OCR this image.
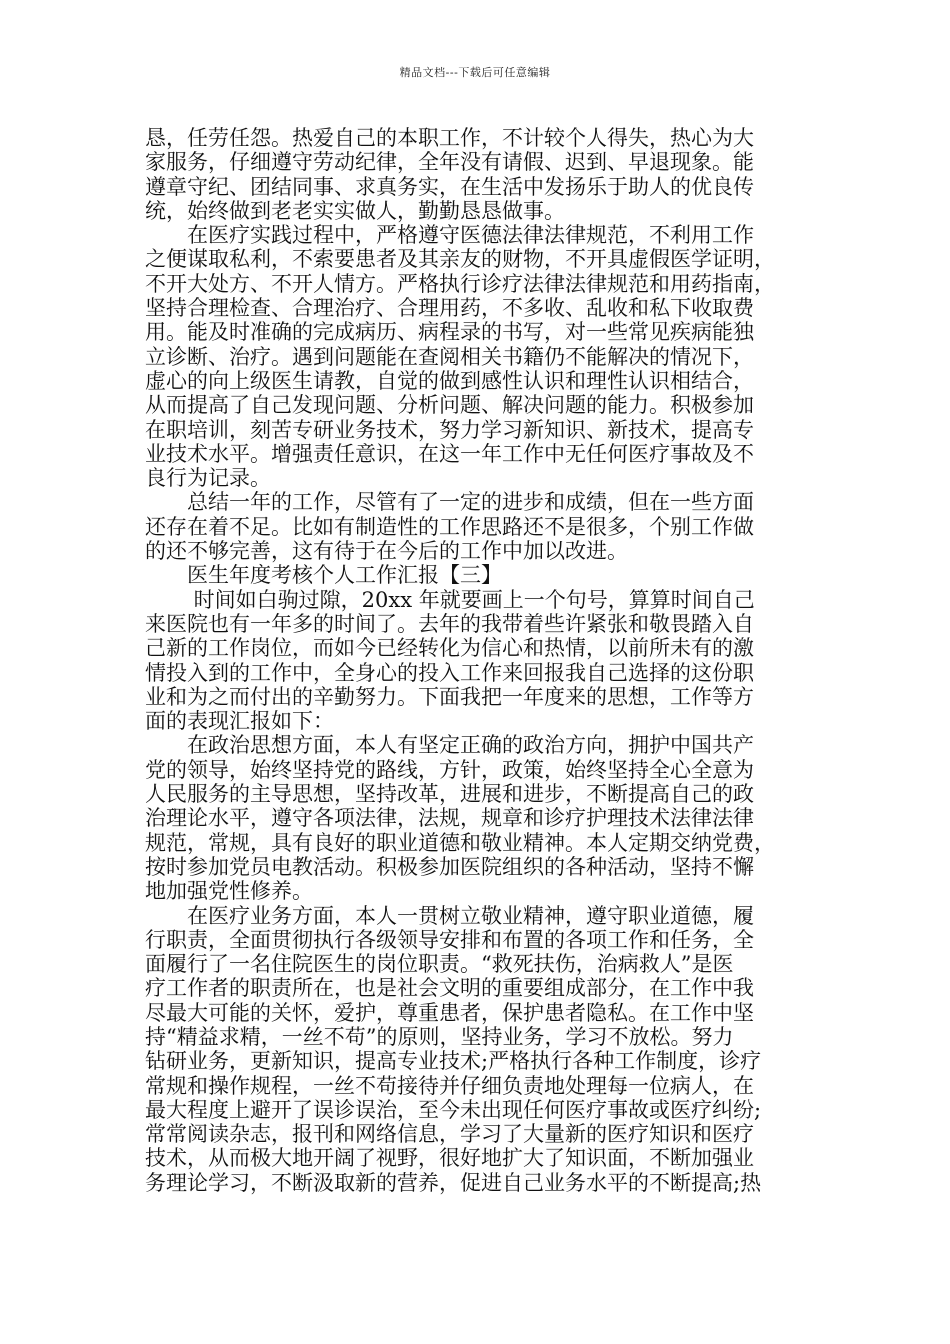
精品文档---下载后可任意编辑
恳，任劳任怨。热爱自己的本职工作，不计较个人得失，热心为大
家服务，仔细遵守劳动纪律，全年没有请假、迟到、早退现象。能
遵章守纪、团结同事、求真务实，在生活中发扬乐于助人的优良传
统，始终做到老老实实做人，勤勤恳恳做事。
　　在医疗实践过程中，严格遵守医德法律法律规范，不利用工作
之便谋取私利，不索要患者及其亲友的财物，不开具虚假医学证明，
不开大处方、不开人情方。严格执行诊疗法律法律规范和用药指南，
坚持合理检查、合理治疗、合理用药，不多收、乱收和私下收取费
用。能及时准确的完成病历、病程录的书写，对一些常见疾病能独
立诊断、治疗。遇到问题能在查阅相关书籍仍不能解决的情况下，
虚心的向上级医生请教，自觉的做到感性认识和理性认识相结合，
从而提高了自己发现问题、分析问题、解决问题的能力。积极参加
在职培训，刻苦专研业务技术，努力学习新知识、新技术，提高专
业技术水平。增强责任意识，在这一年工作中无任何医疗事故及不
良行为记录。
　　总结一年的工作，尽管有了一定的进步和成绩，但在一些方面
还存在着不足。比如有制造性的工作思路还不是很多，个别工作做
的还不够完善，这有待于在今后的工作中加以改进。
　　医生年度考核个人工作汇报【三】
　　 时间如白驹过隙，20xx 年就要画上一个句号，算算时间自己
来医院也有一年多的时间了。去年的我带着些许紧张和敬畏踏入自
己新的工作岗位，而如今已经转化为信心和热情，以前所未有的激
情投入到的工作中，全身心的投入工作来回报我自己选择的这份职
业和为之而付出的辛勤努力。下面我把一年度来的思想，工作等方
面的表现汇报如下：
　　在政治思想方面，本人有坚定正确的政治方向，拥护中国共产
党的领导，始终坚持党的路线，方针，政策，始终坚持全心全意为
人民服务的主导思想，坚持改革，进展和进步，不断提高自己的政
治理论水平，遵守各项法律，法规，规章和诊疗护理技术法律法律
规范，常规，具有良好的职业道德和敬业精神。本人定期交纳党费，
按时参加党员电教活动。积极参加医院组织的各种活动，坚持不懈
地加强党性修养。
　　在医疗业务方面，本人一贯树立敬业精神，遵守职业道德，履
行职责，全面贯彻执行各级领导安排和布置的各项工作和任务，全
面履行了一名住院医生的岗位职责。“救死扶伤，治病救人”是医
疗工作者的职责所在，也是社会文明的重要组成部分，在工作中我
尽最大可能的关怀，爱护，尊重患者，保护患者隐私。在工作中坚
持“精益求精，一丝不苟”的原则，坚持业务，学习不放松。努力
钻研业务，更新知识，提高专业技术;严格执行各种工作制度，诊疗
常规和操作规程，一丝不苟接待并仔细负责地处理每一位病人，在
最大程度上避开了误诊误治，至今未出现任何医疗事故或医疗纠纷;
常常阅读杂志，报刊和网络信息，学习了大量新的医疗知识和医疗
技术，从而极大地开阔了视野，很好地扩大了知识面，不断加强业
务理论学习，不断汲取新的营养，促进自己业务水平的不断提高;热
